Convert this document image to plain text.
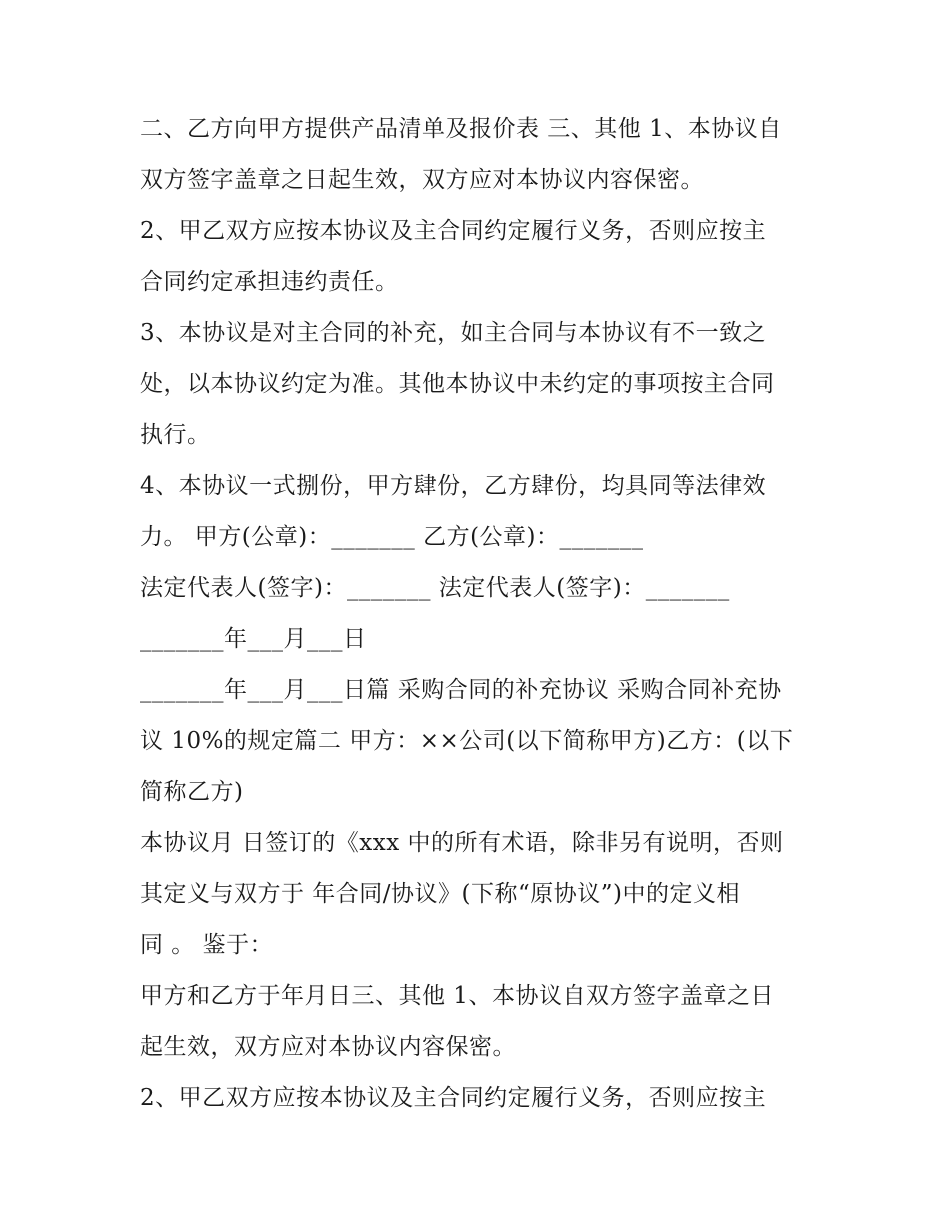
二、乙方向甲方提供产品清单及报价表 三、其他 1、本协议自
双方签字盖章之日起生效，双方应对本协议内容保密。
2、甲乙双方应按本协议及主合同约定履行义务，否则应按主
合同约定承担违约责任。
3、本协议是对主合同的补充，如主合同与本协议有不一致之
处，以本协议约定为准。其他本协议中未约定的事项按主合同
执行。
4、本协议一式捌份，甲方肆份，乙方肆份，均具同等法律效
力。 甲方(公章)：_______ 乙方(公章)：_______
法定代表人(签字)：_______ 法定代表人(签字)：_______
_______年___月___日
_______年___月___日篇 采购合同的补充协议 采购合同补充协
议 10%的规定篇二 甲方：××公司(以下简称甲方)乙方：(以下
简称乙方)
本协议月 日签订的《xxx 中的所有术语，除非另有说明，否则
其定义与双方于 年合同/协议》(下称“原协议”)中的定义相
同 。 鉴于：
甲方和乙方于年月日三、其他 1、本协议自双方签字盖章之日
起生效，双方应对本协议内容保密。
2、甲乙双方应按本协议及主合同约定履行义务，否则应按主
